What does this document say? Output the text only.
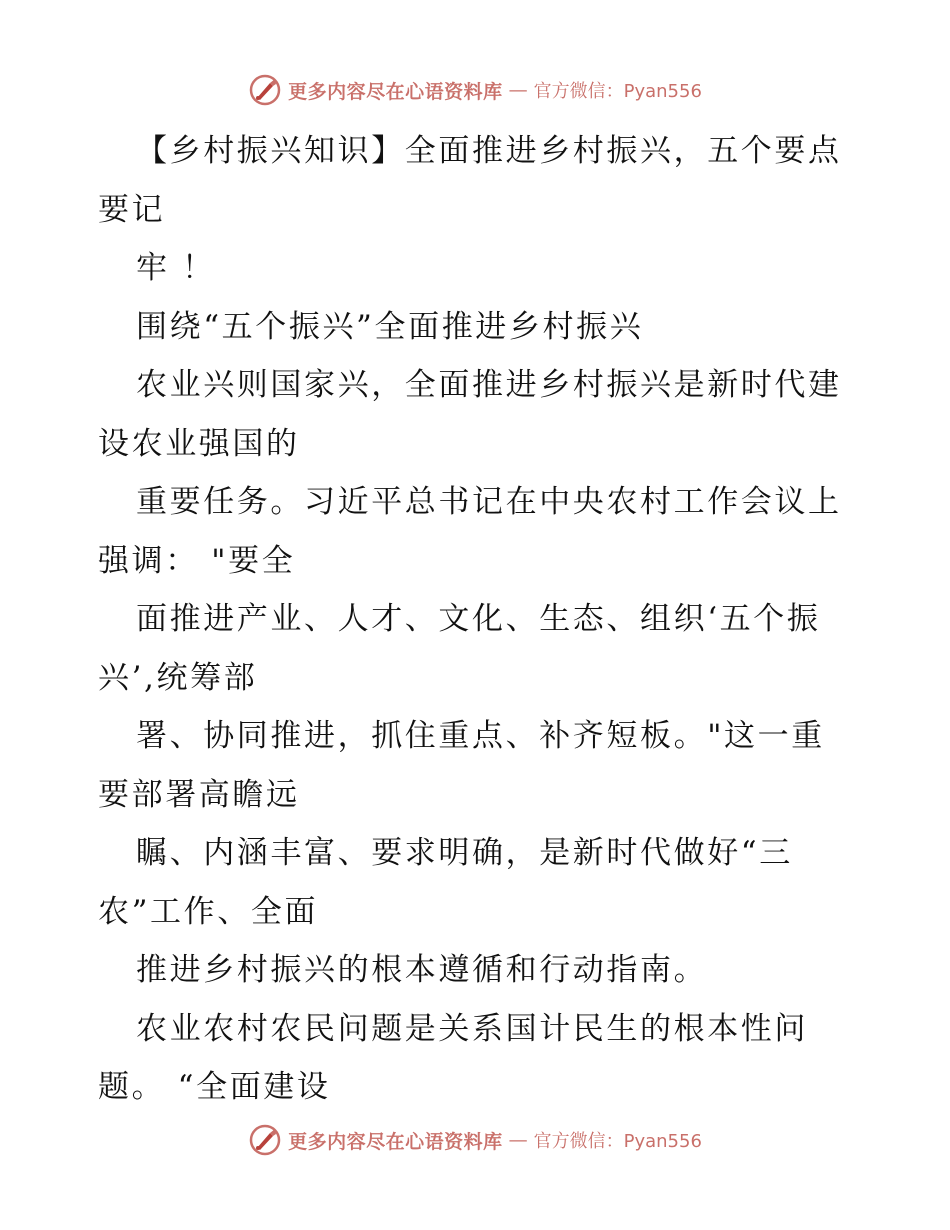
更多内容尽在心语资料库 — 官方微信：Pyan556

【乡村振兴知识】全面推进乡村振兴，五个要点

要记

牢 ！

围绕“五个振兴”全面推进乡村振兴

农业兴则国家兴，全面推进乡村振兴是新时代建

设农业强国的

重要任务。习近平总书记在中央农村工作会议上

强调： "要全

面推进产业、人才、文化、生态、组织‘五个振

兴’,统筹部

署、协同推进，抓住重点、补齐短板。"这一重

要部署高瞻远

瞩、内涵丰富、要求明确，是新时代做好“三

农”工作、全面

推进乡村振兴的根本遵循和行动指南。

农业农村农民问题是关系国计民生的根本性问

题。 “全面建设

更多内容尽在心语资料库 — 官方微信：Pyan556
